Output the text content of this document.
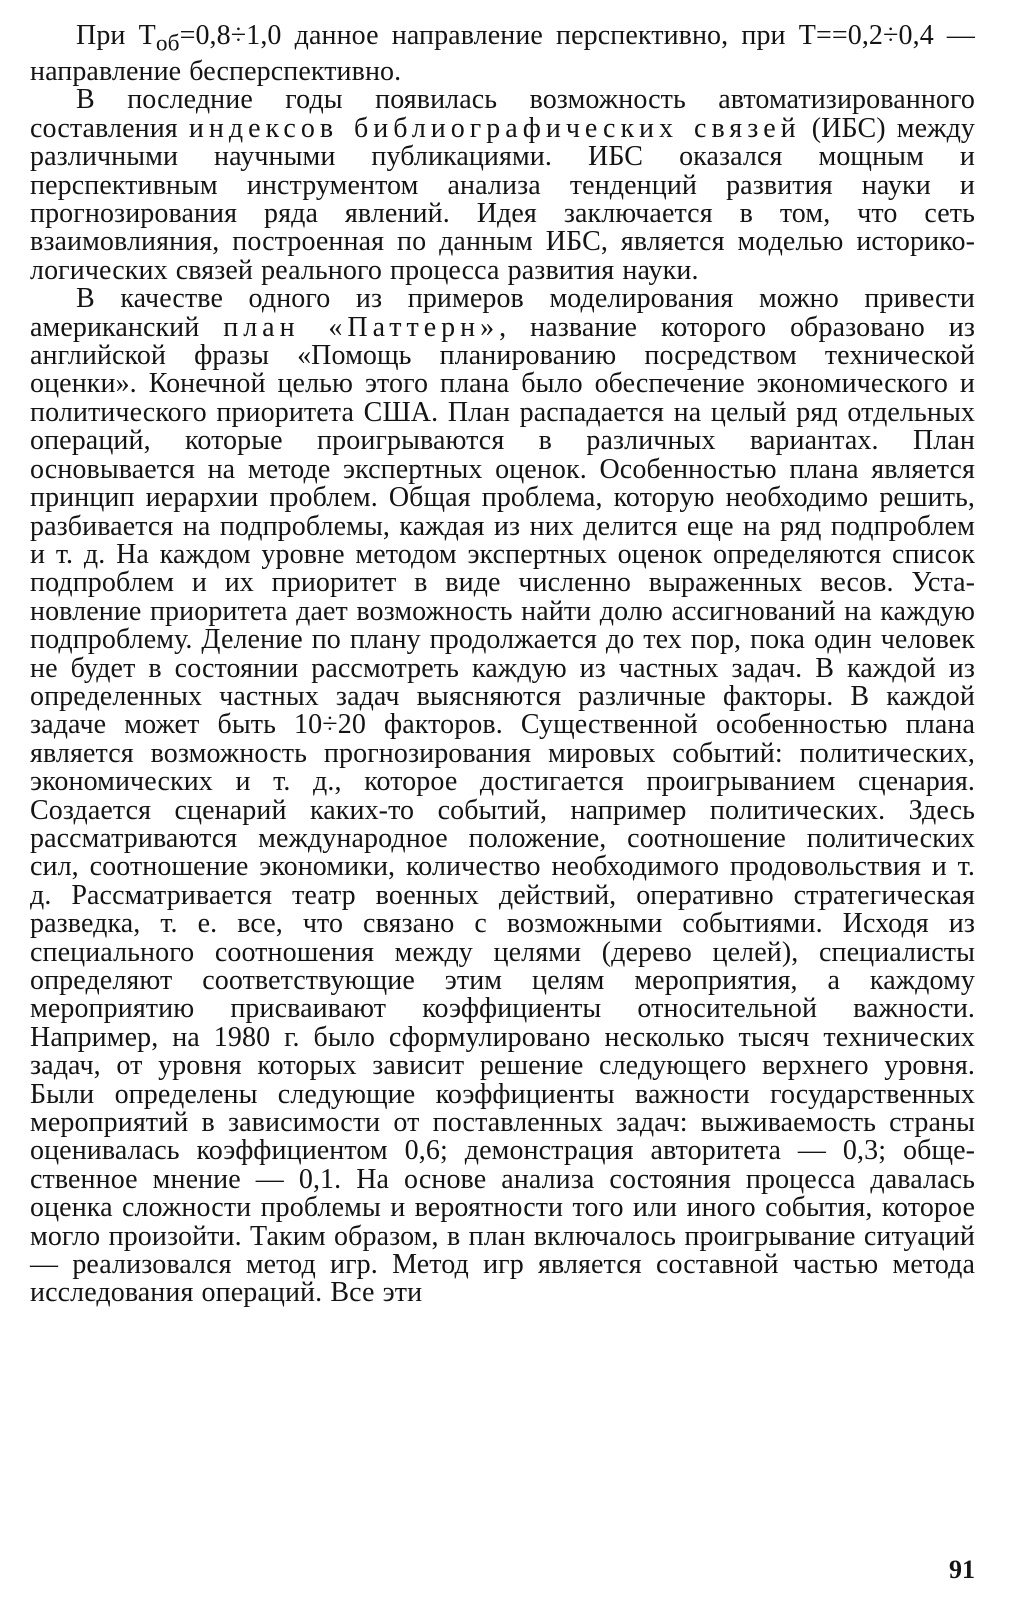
При $T_{об}=0,8\div 1,0$ данное направление перспективно, при T==0,2÷0,4 — направление бесперспективно.

В последние годы появилась возможность автоматизированного составления индексов библиографических связей (ИБС) между различными научными публикациями. ИБС оказался мощным и перспективным инструментом анализа тенденций развития науки и прогнозирования ряда явлений. Идея заключается в том, что сеть взаимовлияния, построенная по данным ИБС, является моделью историко-логических связей реального процесса развития науки.

В качестве одного из примеров моделирования можно привести американский план «Паттерн», название которого образовано из английской фразы «Помощь планированию посредством технической оценки». Конечной целью этого плана было обеспечение экономического и политического приоритета США. План распадается на целый ряд отдельных операций, которые проигрываются в различных вариантах. План основывается на методе экспертных оценок. Особенностью плана является принцип иерархии проблем. Общая проблема, которую необходимо решить, разбивается на подпроблемы, каждая из них делится еще на ряд подпроблем и т. д. На каждом уровне методом экспертных оценок определяются список подпроблем и их приоритет в виде численно выраженных весов. Установление приоритета дает возможность найти долю ассигнований на каждую подпроблему. Деление по плану продолжается до тех пор, пока один человек не будет в состоянии рассмотреть каждую из частных задач. В каждой из определенных частных задач выясняются различные факторы. В каждой задаче может быть 10÷20 факторов. Существенной особенностью плана является возможность прогнозирования мировых событий: политических, экономических и т. д., которое достигается проигрыванием сценария. Создается сценарий каких-то событий, например политических. Здесь рассматриваются международное положение, соотношение политических сил, соотношение экономики, количество необходимого продовольствия и т. д. Рассматривается театр военных действий, оперативно стратегическая разведка, т. е. все, что связано с возможными событиями. Исходя из специального соотношения между целями (дерево целей), специалисты определяют соответствующие этим целям мероприятия, а каждому мероприятию присваивают коэффициенты относительной важности. Например, на 1980 г. было сформулировано несколько тысяч технических задач, от уровня которых зависит решение следующего верхнего уровня. Были определены следующие коэффициенты важности государственных мероприятий в зависимости от поставленных задач: выживаемость страны оценивалась коэффициентом 0,6; демонстрация авторитета — 0,3; общественное мнение — 0,1. На основе анализа состояния процесса давалась оценка сложности проблемы и вероятности того или иного события, которое могло произойти. Таким образом, в план включалось проигрывание ситуаций — реализовался метод игр. Метод игр является составной частью метода исследования операций. Все эти

91
